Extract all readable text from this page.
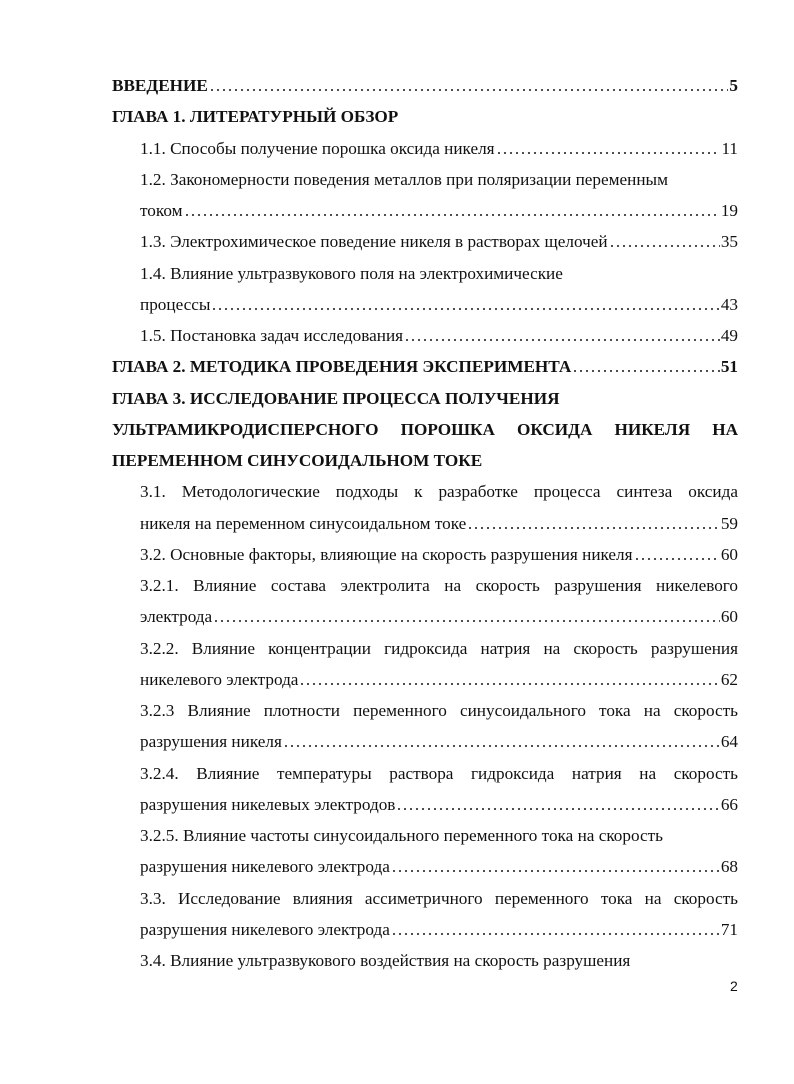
ВВЕДЕНИЕ	5
ГЛАВА 1. ЛИТЕРАТУРНЫЙ ОБЗОР
1.1. Способы получение порошка оксида никеля	11
1.2. Закономерности поведения металлов при поляризации переменным
током	19
1.3. Электрохимическое поведение никеля в растворах щелочей	35
1.4. Влияние ультразвукового поля на электрохимические
процессы	43
1.5. Постановка задач исследования	49
ГЛАВА 2. МЕТОДИКА ПРОВЕДЕНИЯ ЭКСПЕРИМЕНТА	51
ГЛАВА 3. ИССЛЕДОВАНИЕ ПРОЦЕССА ПОЛУЧЕНИЯ
УЛЬТРАМИКРОДИСПЕРСНОГО ПОРОШКА ОКСИДА НИКЕЛЯ НА
ПЕРЕМЕННОМ СИНУСОИДАЛЬНОМ ТОКЕ
3.1. Методологические подходы к разработке процесса синтеза оксида
никеля на переменном синусоидальном токе	59
3.2. Основные факторы, влияющие на скорость разрушения никеля	60
3.2.1. Влияние состава электролита на скорость разрушения никелевого
электрода	60
3.2.2. Влияние концентрации гидроксида натрия на скорость разрушения
никелевого электрода	62
3.2.3 Влияние плотности переменного синусоидального тока на скорость
разрушения никеля	64
3.2.4. Влияние температуры раствора гидроксида натрия на скорость
разрушения никелевых электродов	66
3.2.5. Влияние частоты синусоидального переменного тока на скорость
разрушения никелевого электрода	68
3.3. Исследование влияния ассиметричного переменного тока на скорость
разрушения никелевого электрода	71
3.4. Влияние ультразвукового воздействия на скорость разрушения
2
